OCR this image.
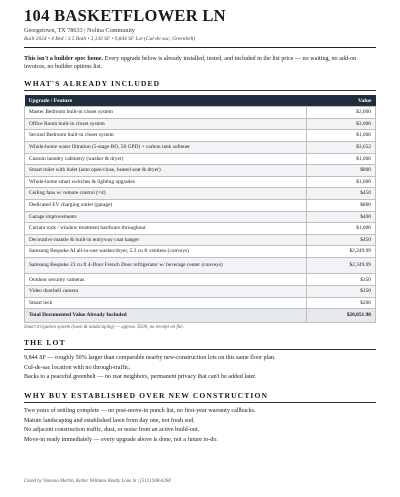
104 BASKETFLOWER LN
Georgetown, TX 78633 | Nolina Community
Built 2024 • 4 Bed / 3.5 Bath • 3,130 SF • 9,844 SF Lot (Cul-de-sac, Greenbelt)
This isn't a builder spec home. Every upgrade below is already installed, tested, and included in the list price — no waiting, no add-on invoices, no builder options list.
WHAT'S ALREADY INCLUDED
Upgrade / Feature	Value
Master Bedroom built-in closet system	$2,000
Office Room built-in closet system	$3,000
Second Bedroom built-in closet system	$1,000
Whole-home water filtration (5-stage RO, 50 GPD) + carbon tank softener	$3,652
Custom laundry cabinetry (washer & dryer)	$1,000
Smart toilet with bidet (auto open/close, heated seat & dryer)	$800
Whole-home smart switches & lighting upgrades	$1,000
Ceiling fans w/ remote control (×4)	$450
Dedicated EV charging outlet (garage)	$800
Garage improvements	$400
Curtain rods / window treatment hardware throughout	$1,000
Decorative mantle & built-in entryway coat hanger	$450
Samsung Bespoke AI all-in-one washer/dryer, 5.3 cu ft ventless (conveys)	$2,249.99
Samsung Bespoke 23 cu ft 4-Door French Door refrigerator w/ beverage center (conveys)	$2,349.99
Outdoor security cameras	$350
Video doorbell camera	$150
Smart lock	$200
Total Documented Value Already Included	$20,851.98
Smart irrigation system (lawn & landscaping) — approx. $500, no receipt on file.
THE LOT
9,844 SF — roughly 50% larger than comparable nearby new-construction lots on this same floor plan.
Cul-de-sac location with no through-traffic.
Backs to a peaceful greenbelt — no rear neighbors, permanent privacy that can't be added later.
WHY BUY ESTABLISHED OVER NEW CONSTRUCTION
Two years of settling complete — no post-move-in punch list, no first-year warranty callbacks.
Mature landscaping and established lawn from day one, not fresh sod.
No adjacent construction traffic, dust, or noise from an active build-out.
Move-in ready immediately — every upgrade above is done, not a future to-do.
Listed by Vanessa Martin, Keller Williams Realty Lone St | (512) 948-6268
